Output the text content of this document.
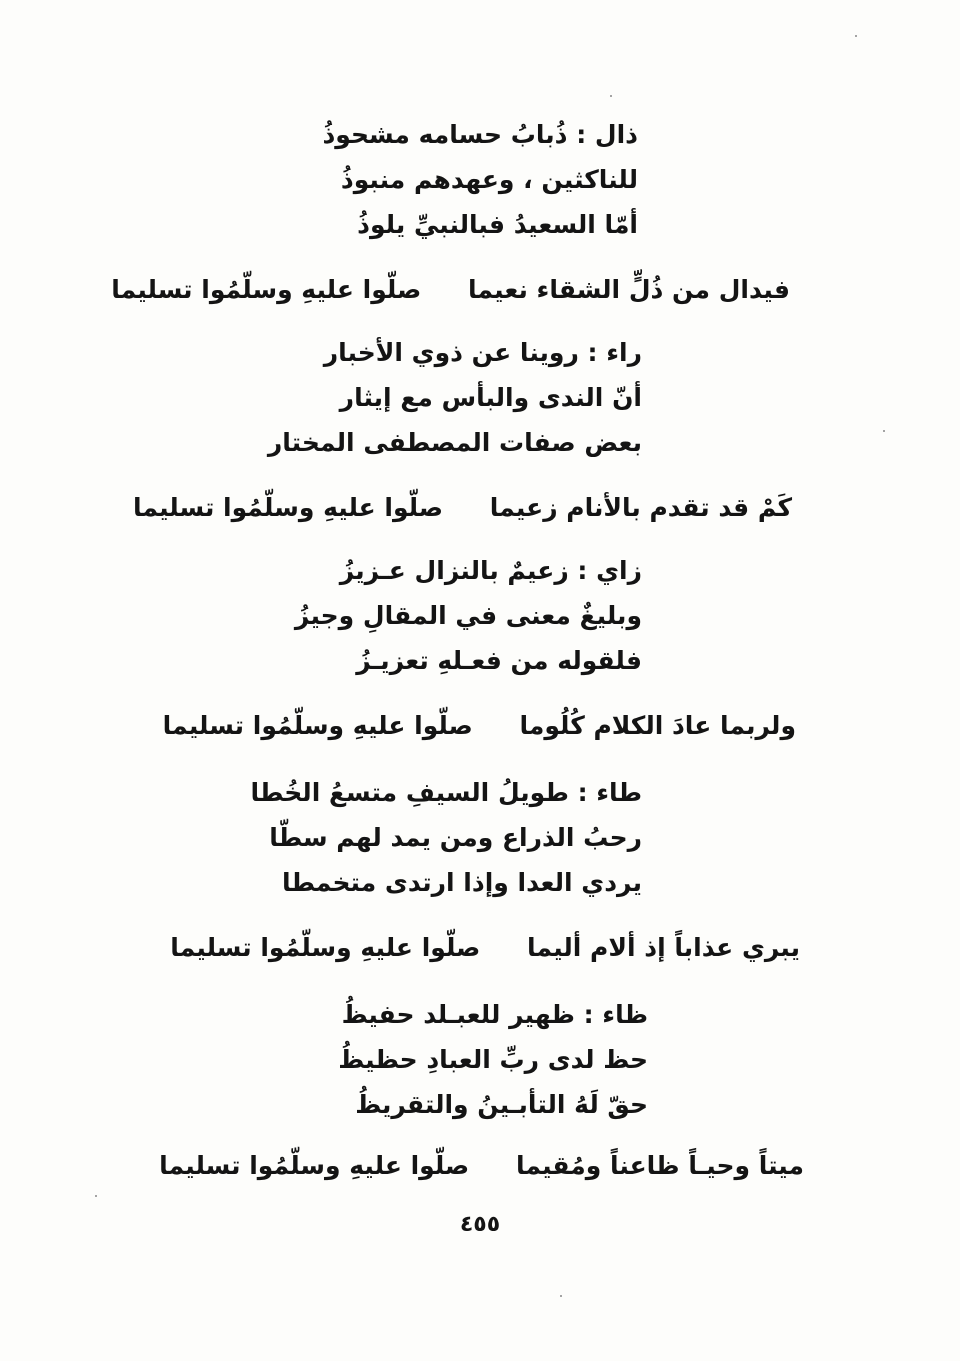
ذال : ذُبابُ حسامه مشحوذُ
للناكثين ، وعهدهم منبوذُ
أمّا السعيدُ فبالنبيِّ يلوذُ
فيدال من ذُلٍّ الشقاء نعيما صلّوا عليهِ وسلّمُوا تسليما
راء : روينا عن ذوي الأخبار
أنّ الندى والبأس مع إيثار
بعض صفات المصطفى المختار
كَمْ قد تقدم بالأنام زعيما صلّوا عليهِ وسلّمُوا تسليما
زاي : زعيمٌ بالنزال عـزيزُ
وبليغٌ معنى في المقالِ وجيزُ
فلقوله من فعـلهِ تعزيـزُ
ولربما عادَ الكلام كُلُوما صلّوا عليهِ وسلّمُوا تسليما
طاء : طويلُ السيفِ متسعُ الخُطا
رحبُ الذراع ومن يمد لهم سطّا
يردي العدا وإذا ارتدى متخمطا
يبري عذاباً إذ ألام أليما صلّوا عليهِ وسلّمُوا تسليما
ظاء : ظهير للعبـلد حفيظُ
حظ لدى ربِّ العبادِ حظيظُ
حقّ لَهُ التأبـينُ والتقريظُ
ميتاً وحيـاً ظاعناً ومُقيما صلّوا عليهِ وسلّمُوا تسليما
٤٥٥
